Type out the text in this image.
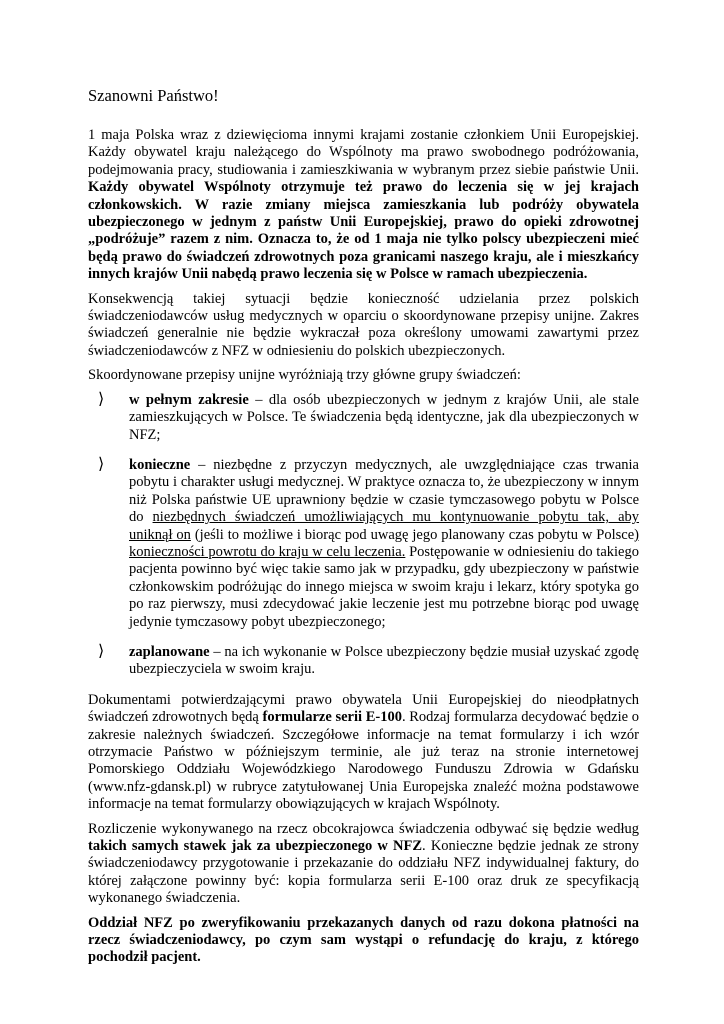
Szanowni Państwo!

1 maja Polska wraz z dziewięcioma innymi krajami zostanie członkiem Unii Europejskiej. Każdy obywatel kraju należącego do Wspólnoty ma prawo swobodnego podróżowania, podejmowania pracy, studiowania i zamieszkiwania w wybranym przez siebie państwie Unii. Każdy obywatel Wspólnoty otrzymuje też prawo do leczenia się w jej krajach członkowskich. W razie zmiany miejsca zamieszkania lub podróży obywatela ubezpieczonego w jednym z państw Unii Europejskiej, prawo do opieki zdrowotnej „podróżuje” razem z nim. Oznacza to, że od 1 maja nie tylko polscy ubezpieczeni mieć będą prawo do świadczeń zdrowotnych poza granicami naszego kraju, ale i mieszkańcy innych krajów Unii nabędą prawo leczenia się w Polsce w ramach ubezpieczenia.

Konsekwencją takiej sytuacji będzie konieczność udzielania przez polskich świadczeniodawców usług medycznych w oparciu o skoordynowane przepisy unijne. Zakres świadczeń generalnie nie będzie wykraczał poza określony umowami zawartymi przez świadczeniodawców z NFZ w odniesieniu do polskich ubezpieczonych.

Skoordynowane przepisy unijne wyróżniają trzy główne grupy świadczeń:

⟩ w pełnym zakresie – dla osób ubezpieczonych w jednym z krajów Unii, ale stale zamieszkujących w Polsce. Te świadczenia będą identyczne, jak dla ubezpieczonych w NFZ;
⟩ konieczne – niezbędne z przyczyn medycznych, ale uwzględniające czas trwania pobytu i charakter usługi medycznej. W praktyce oznacza to, że ubezpieczony w innym niż Polska państwie UE uprawniony będzie w czasie tymczasowego pobytu w Polsce do niezbędnych świadczeń umożliwiających mu kontynuowanie pobytu tak, aby uniknął on (jeśli to możliwe i biorąc pod uwagę jego planowany czas pobytu w Polsce) konieczności powrotu do kraju w celu leczenia. Postępowanie w odniesieniu do takiego pacjenta powinno być więc takie samo jak w przypadku, gdy ubezpieczony w państwie członkowskim podróżując do innego miejsca w swoim kraju i lekarz, który spotyka go po raz pierwszy, musi zdecydować jakie leczenie jest mu potrzebne biorąc pod uwagę jedynie tymczasowy pobyt ubezpieczonego;
⟩ zaplanowane – na ich wykonanie w Polsce ubezpieczony będzie musiał uzyskać zgodę ubezpieczyciela w swoim kraju.

Dokumentami potwierdzającymi prawo obywatela Unii Europejskiej do nieodpłatnych świadczeń zdrowotnych będą formularze serii E-100. Rodzaj formularza decydować będzie o zakresie należnych świadczeń. Szczegółowe informacje na temat formularzy i ich wzór otrzymacie Państwo w późniejszym terminie, ale już teraz na stronie internetowej Pomorskiego Oddziału Wojewódzkiego Narodowego Funduszu Zdrowia w Gdańsku (www.nfz-gdansk.pl) w rubryce zatytułowanej Unia Europejska znaleźć można podstawowe informacje na temat formularzy obowiązujących w krajach Wspólnoty.

Rozliczenie wykonywanego na rzecz obcokrajowca świadczenia odbywać się będzie według takich samych stawek jak za ubezpieczonego w NFZ. Konieczne będzie jednak ze strony świadczeniodawcy przygotowanie i przekazanie do oddziału NFZ indywidualnej faktury, do której załączone powinny być: kopia formularza serii E-100 oraz druk ze specyfikacją wykonanego świadczenia.

Oddział NFZ po zweryfikowaniu przekazanych danych od razu dokona płatności na rzecz świadczeniodawcy, po czym sam wystąpi o refundację do kraju, z którego pochodził pacjent.
